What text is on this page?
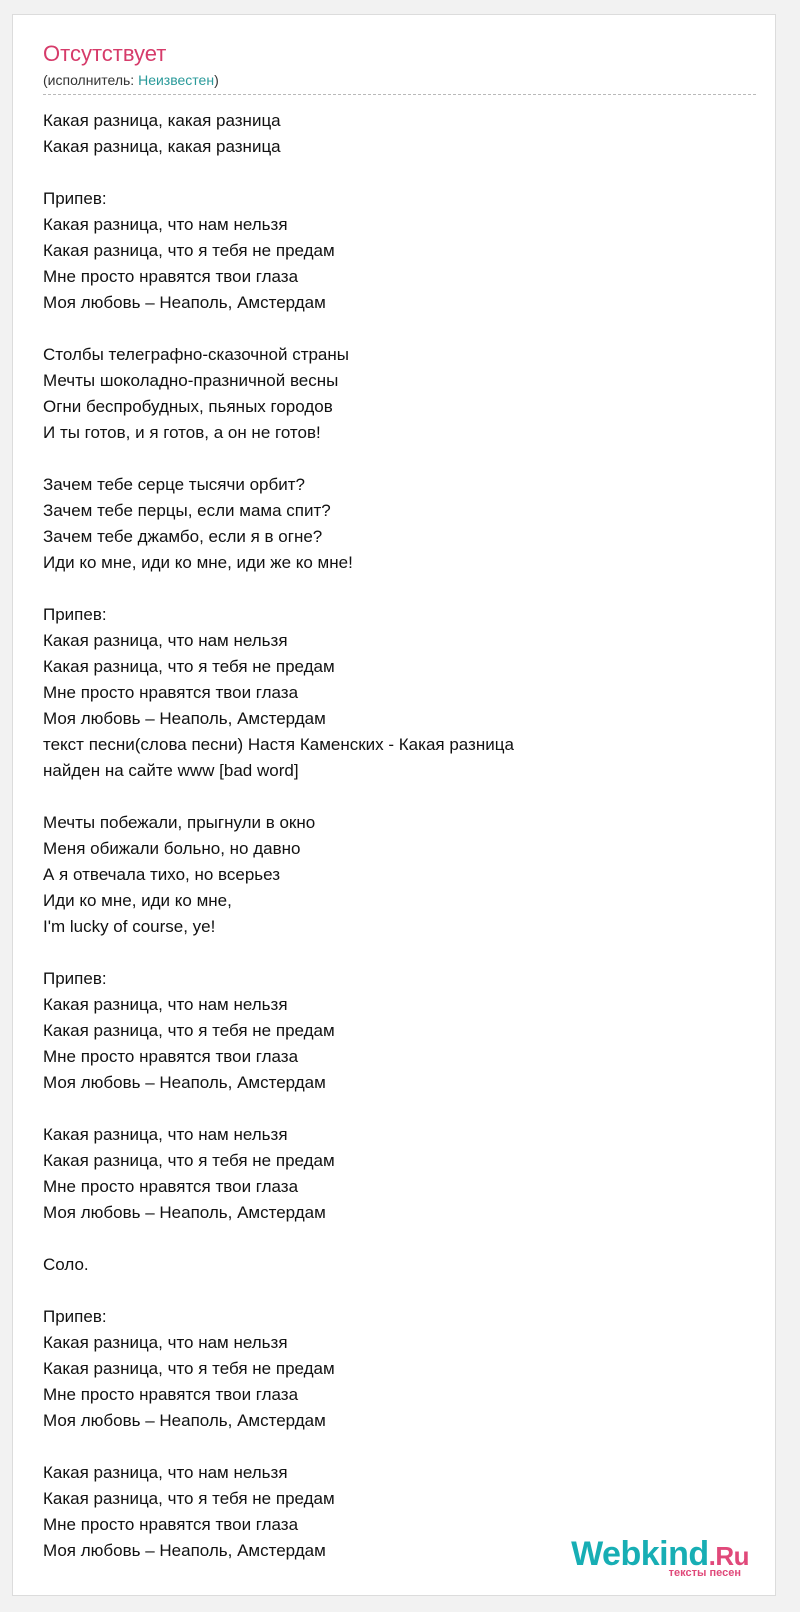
Отсутствует
(исполнитель: Неизвестен)
Какая разница, какая разница
Какая разница, какая разница
Припев:
Какая разница, что нам нельзя
Какая разница, что я тебя не предам
Мне просто нравятся твои глаза
Моя любовь – Неаполь, Амстердам
Столбы телеграфно-сказочной страны
Мечты шоколадно-празничной весны
Огни беспробудных, пьяных городов
И ты готов, и я готов, а он не готов!
Зачем тебе серце тысячи орбит?
Зачем тебе перцы, если мама спит?
Зачем тебе джамбо, если я в огне?
Иди ко мне, иди ко мне, иди же ко мне!
Припев:
Какая разница, что нам нельзя
Какая разница, что я тебя не предам
Мне просто нравятся твои глаза
Моя любовь – Неаполь, Амстердам
текст песни(слова песни) Настя Каменских - Какая разница
найден на сайте www [bad word]
Мечты побежали, прыгнули в окно
Меня обижали больно, но давно
А я отвечала тихо, но всерьез
Иди ко мне, иди ко мне,
I'm lucky of course, ye!
Припев:
Какая разница, что нам нельзя
Какая разница, что я тебя не предам
Мне просто нравятся твои глаза
Моя любовь – Неаполь, Амстердам
Какая разница, что нам нельзя
Какая разница, что я тебя не предам
Мне просто нравятся твои глаза
Моя любовь – Неаполь, Амстердам
Соло.
Припев:
Какая разница, что нам нельзя
Какая разница, что я тебя не предам
Мне просто нравятся твои глаза
Моя любовь – Неаполь, Амстердам
Какая разница, что нам нельзя
Какая разница, что я тебя не предам
Мне просто нравятся твои глаза
Моя любовь – Неаполь, Амстердам	Webkind.Ru
тексты песен
